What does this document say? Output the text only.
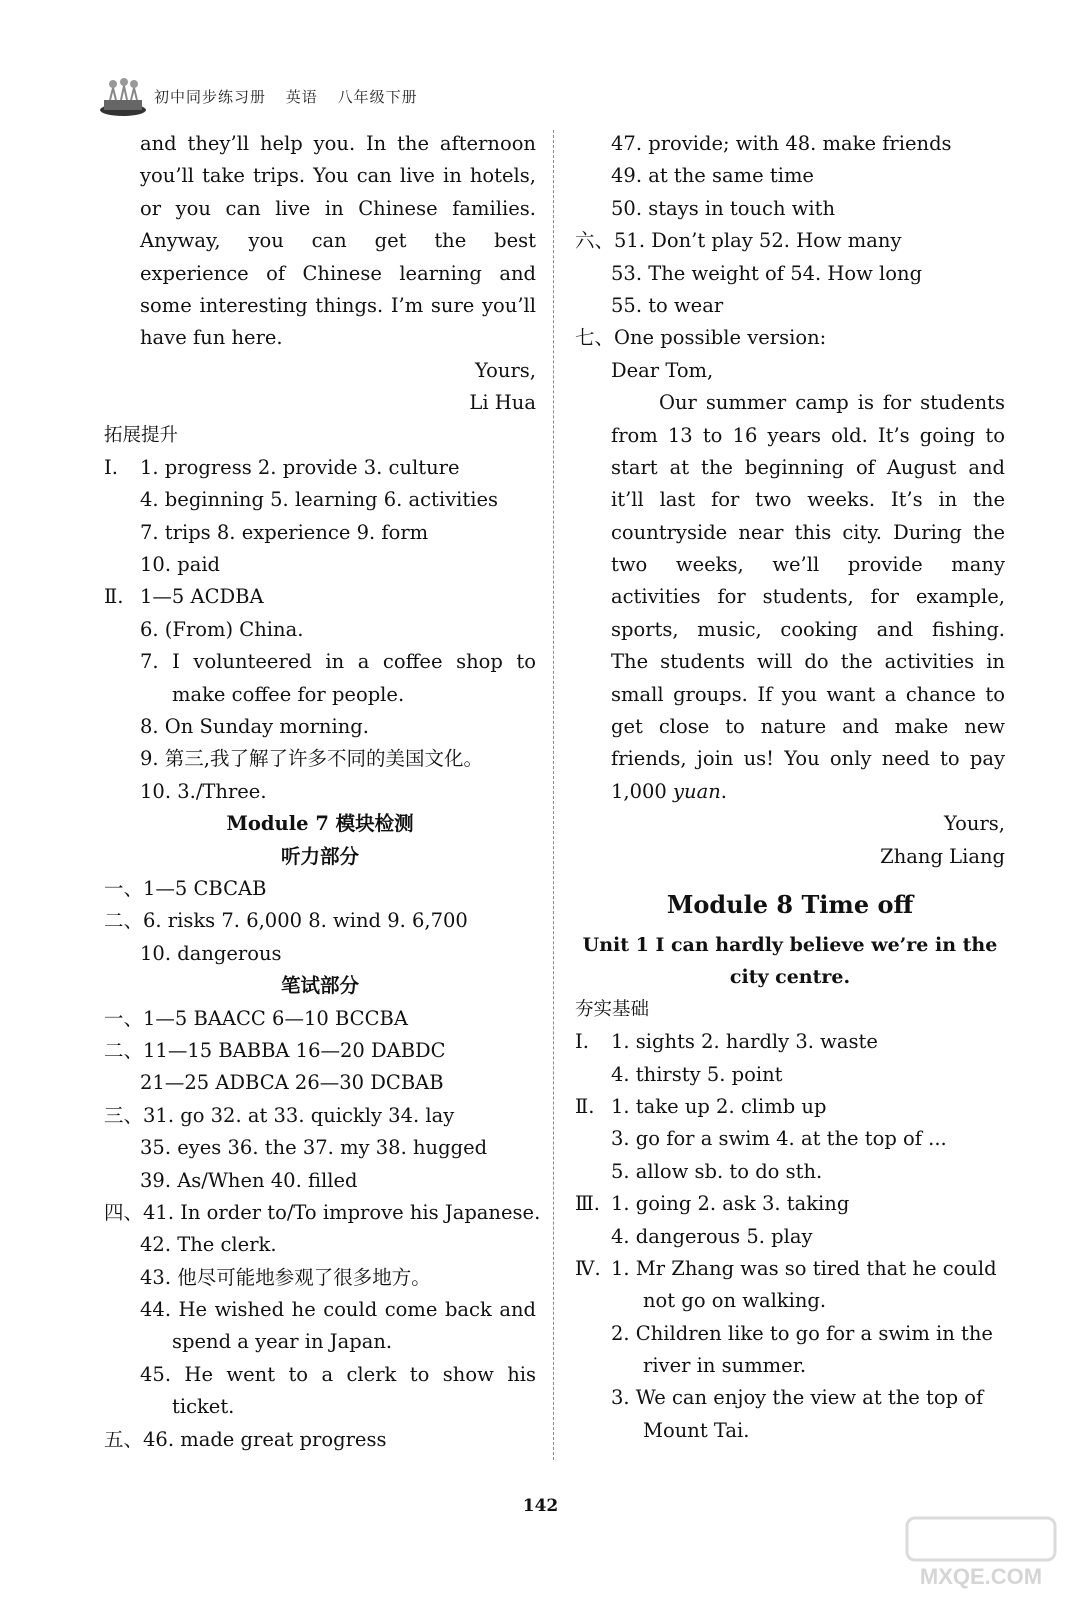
初中同步练习册 英语 八年级下册
and they’ll help you. In the afternoon
you’ll take trips. You can live in hotels,
or you can live in Chinese families.
Anyway, you can get the best
experience of Chinese learning and
some interesting things. I’m sure you’ll
have fun here.
Yours,
Li Hua
拓展提升
Ⅰ. 1. progress 2. provide 3. culture
4. beginning 5. learning 6. activities
7. trips 8. experience 9. form
10. paid
Ⅱ. 1—5 ACDBA
6. (From) China.
7. I volunteered in a coffee shop to
make coffee for people.
8. On Sunday morning.
9. 第三,我了解了许多不同的美国文化。
10. 3./Three.
Module 7 模块检测
听力部分
一、1—5 CBCAB
二、6. risks 7. 6,000 8. wind 9. 6,700
10. dangerous
笔试部分
一、1—5 BAACC 6—10 BCCBA
二、11—15 BABBA 16—20 DABDC
21—25 ADBCA 26—30 DCBAB
三、31. go 32. at 33. quickly 34. lay
35. eyes 36. the 37. my 38. hugged
39. As/When 40. filled
四、41. In order to/To improve his Japanese.
42. The clerk.
43. 他尽可能地参观了很多地方。
44. He wished he could come back and
spend a year in Japan.
45. He went to a clerk to show his
ticket.
五、46. made great progress
47. provide; with 48. make friends
49. at the same time
50. stays in touch with
六、51. Don’t play 52. How many
53. The weight of 54. How long
55. to wear
七、One possible version:
Dear Tom,
Our summer camp is for students
from 13 to 16 years old. It’s going to
start at the beginning of August and
it’ll last for two weeks. It’s in the
countryside near this city. During the
two weeks, we’ll provide many
activities for students, for example,
sports, music, cooking and fishing.
The students will do the activities in
small groups. If you want a chance to
get close to nature and make new
friends, join us! You only need to pay
1,000 yuan.
Yours,
Zhang Liang
Module 8 Time off
Unit 1 I can hardly believe we’re in the
city centre.
夯实基础
Ⅰ. 1. sights 2. hardly 3. waste
4. thirsty 5. point
Ⅱ. 1. take up 2. climb up
3. go for a swim 4. at the top of ...
5. allow sb. to do sth.
Ⅲ. 1. going 2. ask 3. taking
4. dangerous 5. play
Ⅳ. 1. Mr Zhang was so tired that he could
not go on walking.
2. Children like to go for a swim in the
river in summer.
3. We can enjoy the view at the top of
Mount Tai.
142
MXQE.COM
